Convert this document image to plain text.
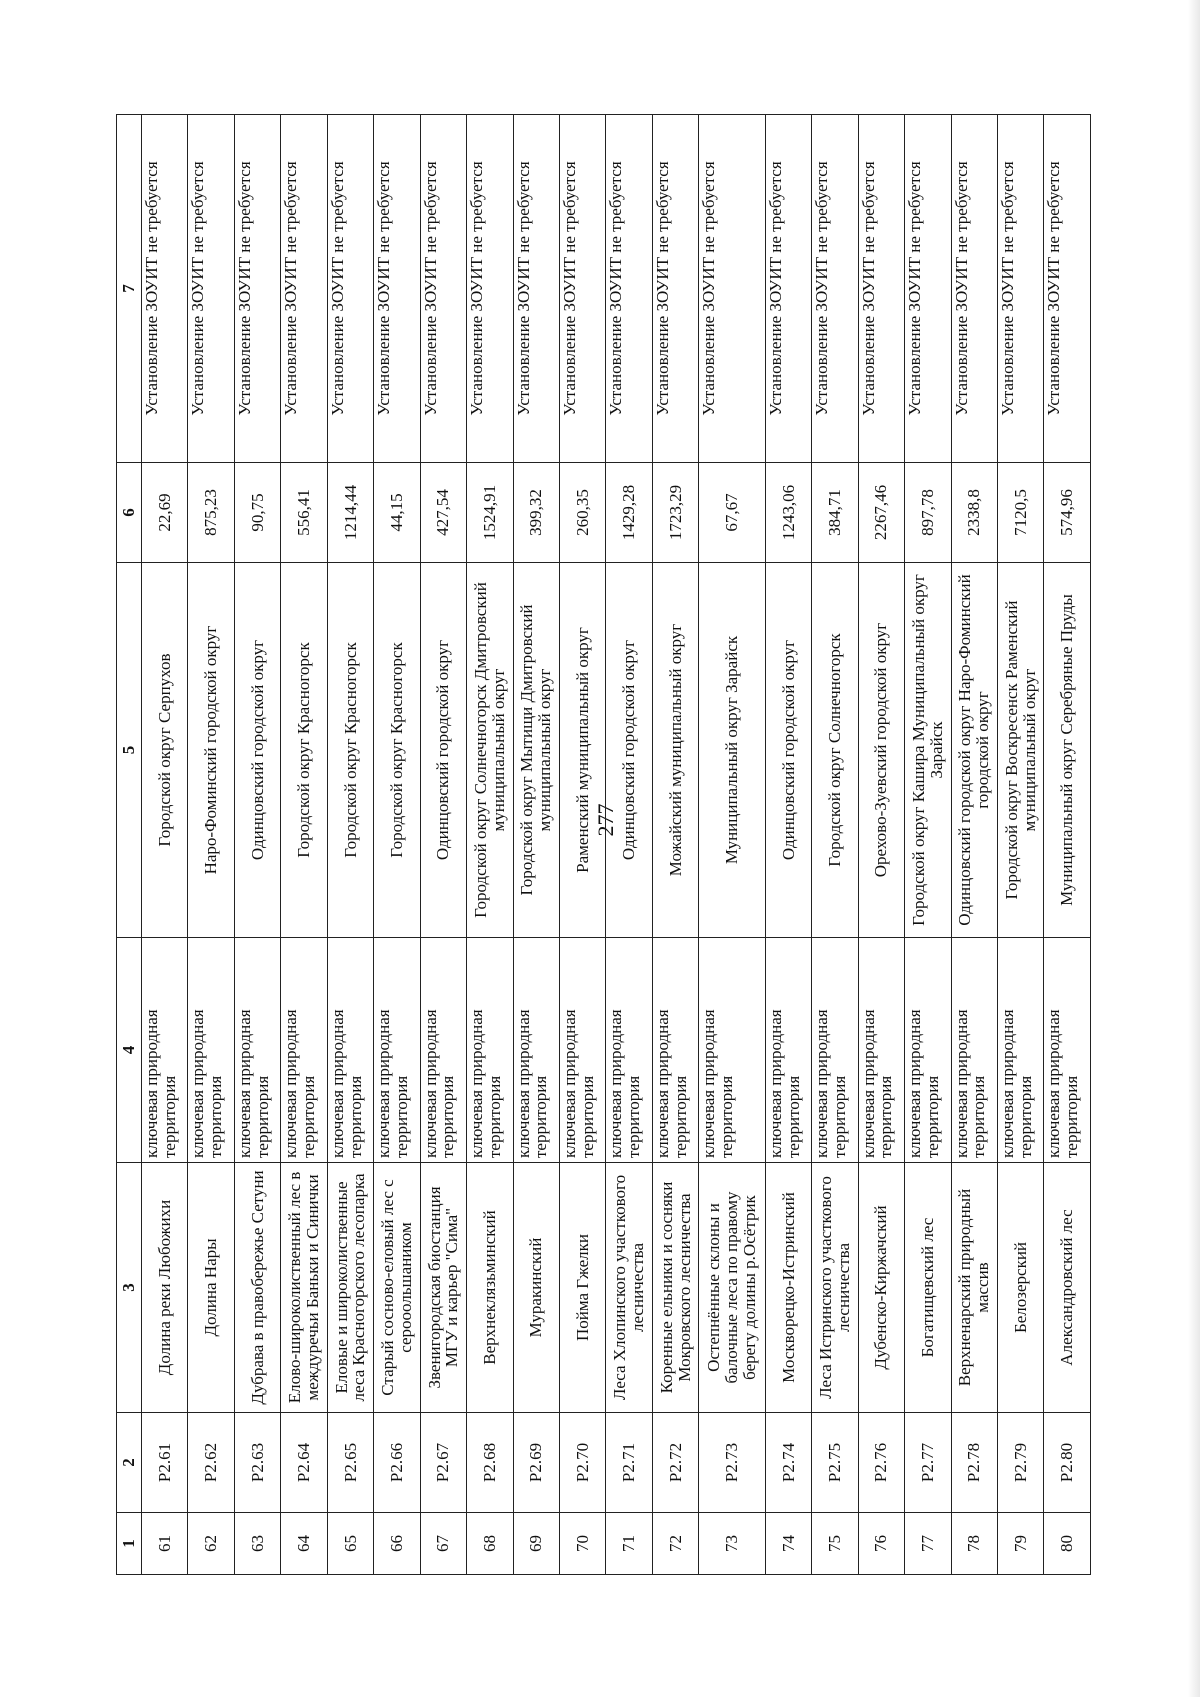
277
1	2	3	4	5	6	7
61	Р2.61	Долина реки Любожихи	ключевая природная территория	Городской округ Серпухов	22,69	Установление ЗОУИТ не требуется
62	Р2.62	Долина Нары	ключевая природная территория	Наро-Фоминский городской округ	875,23	Установление ЗОУИТ не требуется
63	Р2.63	Дубрава в правобережье Сетуни	ключевая природная территория	Одинцовский городской округ	90,75	Установление ЗОУИТ не требуется
64	Р2.64	Елово-широколиственный лес в междуречьи Баньки и Синички	ключевая природная территория	Городской округ Красногорск	556,41	Установление ЗОУИТ не требуется
65	Р2.65	Еловые и широколиственные леса Красногорского лесопарка	ключевая природная территория	Городской округ Красногорск	1214,44	Установление ЗОУИТ не требуется
66	Р2.66	Старый сосново-еловый лес с серооольшаником	ключевая природная территория	Городской округ Красногорск	44,15	Установление ЗОУИТ не требуется
67	Р2.67	Звенигородская биостанция МГУ и карьер "Сима"	ключевая природная территория	Одинцовский городской округ	427,54	Установление ЗОУИТ не требуется
68	Р2.68	Верхнеклязьминский	ключевая природная территория	Городской округ Солнечногорск Дмитровский муниципальный округ	1524,91	Установление ЗОУИТ не требуется
69	Р2.69	Муракинский	ключевая природная территория	Городской округ Мытищи Дмитровский муниципальный округ	399,32	Установление ЗОУИТ не требуется
70	Р2.70	Пойма Гжелки	ключевая природная территория	Раменский муниципальный округ	260,35	Установление ЗОУИТ не требуется
71	Р2.71	Леса Хлопинского участкового лесничества	ключевая природная территория	Одинцовский городской округ	1429,28	Установление ЗОУИТ не требуется
72	Р2.72	Коренные ельники и сосняки Мокровского лесничества	ключевая природная территория	Можайский муниципальный округ	1723,29	Установление ЗОУИТ не требуется
73	Р2.73	Остепнённые склоны и балочные леса по правому берегу долины р.Осётрик	ключевая природная территория	Муниципальный округ Зарайск	67,67	Установление ЗОУИТ не требуется
74	Р2.74	Москворецко-Истринский	ключевая природная территория	Одинцовский городской округ	1243,06	Установление ЗОУИТ не требуется
75	Р2.75	Леса Истринского участкового лесничества	ключевая природная территория	Городской округ Солнечногорск	384,71	Установление ЗОУИТ не требуется
76	Р2.76	Дубенско-Киржачский	ключевая природная территория	Орехово-Зуевский городской округ	2267,46	Установление ЗОУИТ не требуется
77	Р2.77	Богатищевский лес	ключевая природная территория	Городской округ Кашира Муниципальный округ Зарайск	897,78	Установление ЗОУИТ не требуется
78	Р2.78	Верхненарский природный массив	ключевая природная территория	Одинцовский городской округ Наро-Фоминский городской округ	2338,8	Установление ЗОУИТ не требуется
79	Р2.79	Белозерский	ключевая природная территория	Городской округ Воскресенск Раменский муниципальный округ	7120,5	Установление ЗОУИТ не требуется
80	Р2.80	Александровский лес	ключевая природная территория	Муниципальный округ Серебряные Пруды	574,96	Установление ЗОУИТ не требуется
